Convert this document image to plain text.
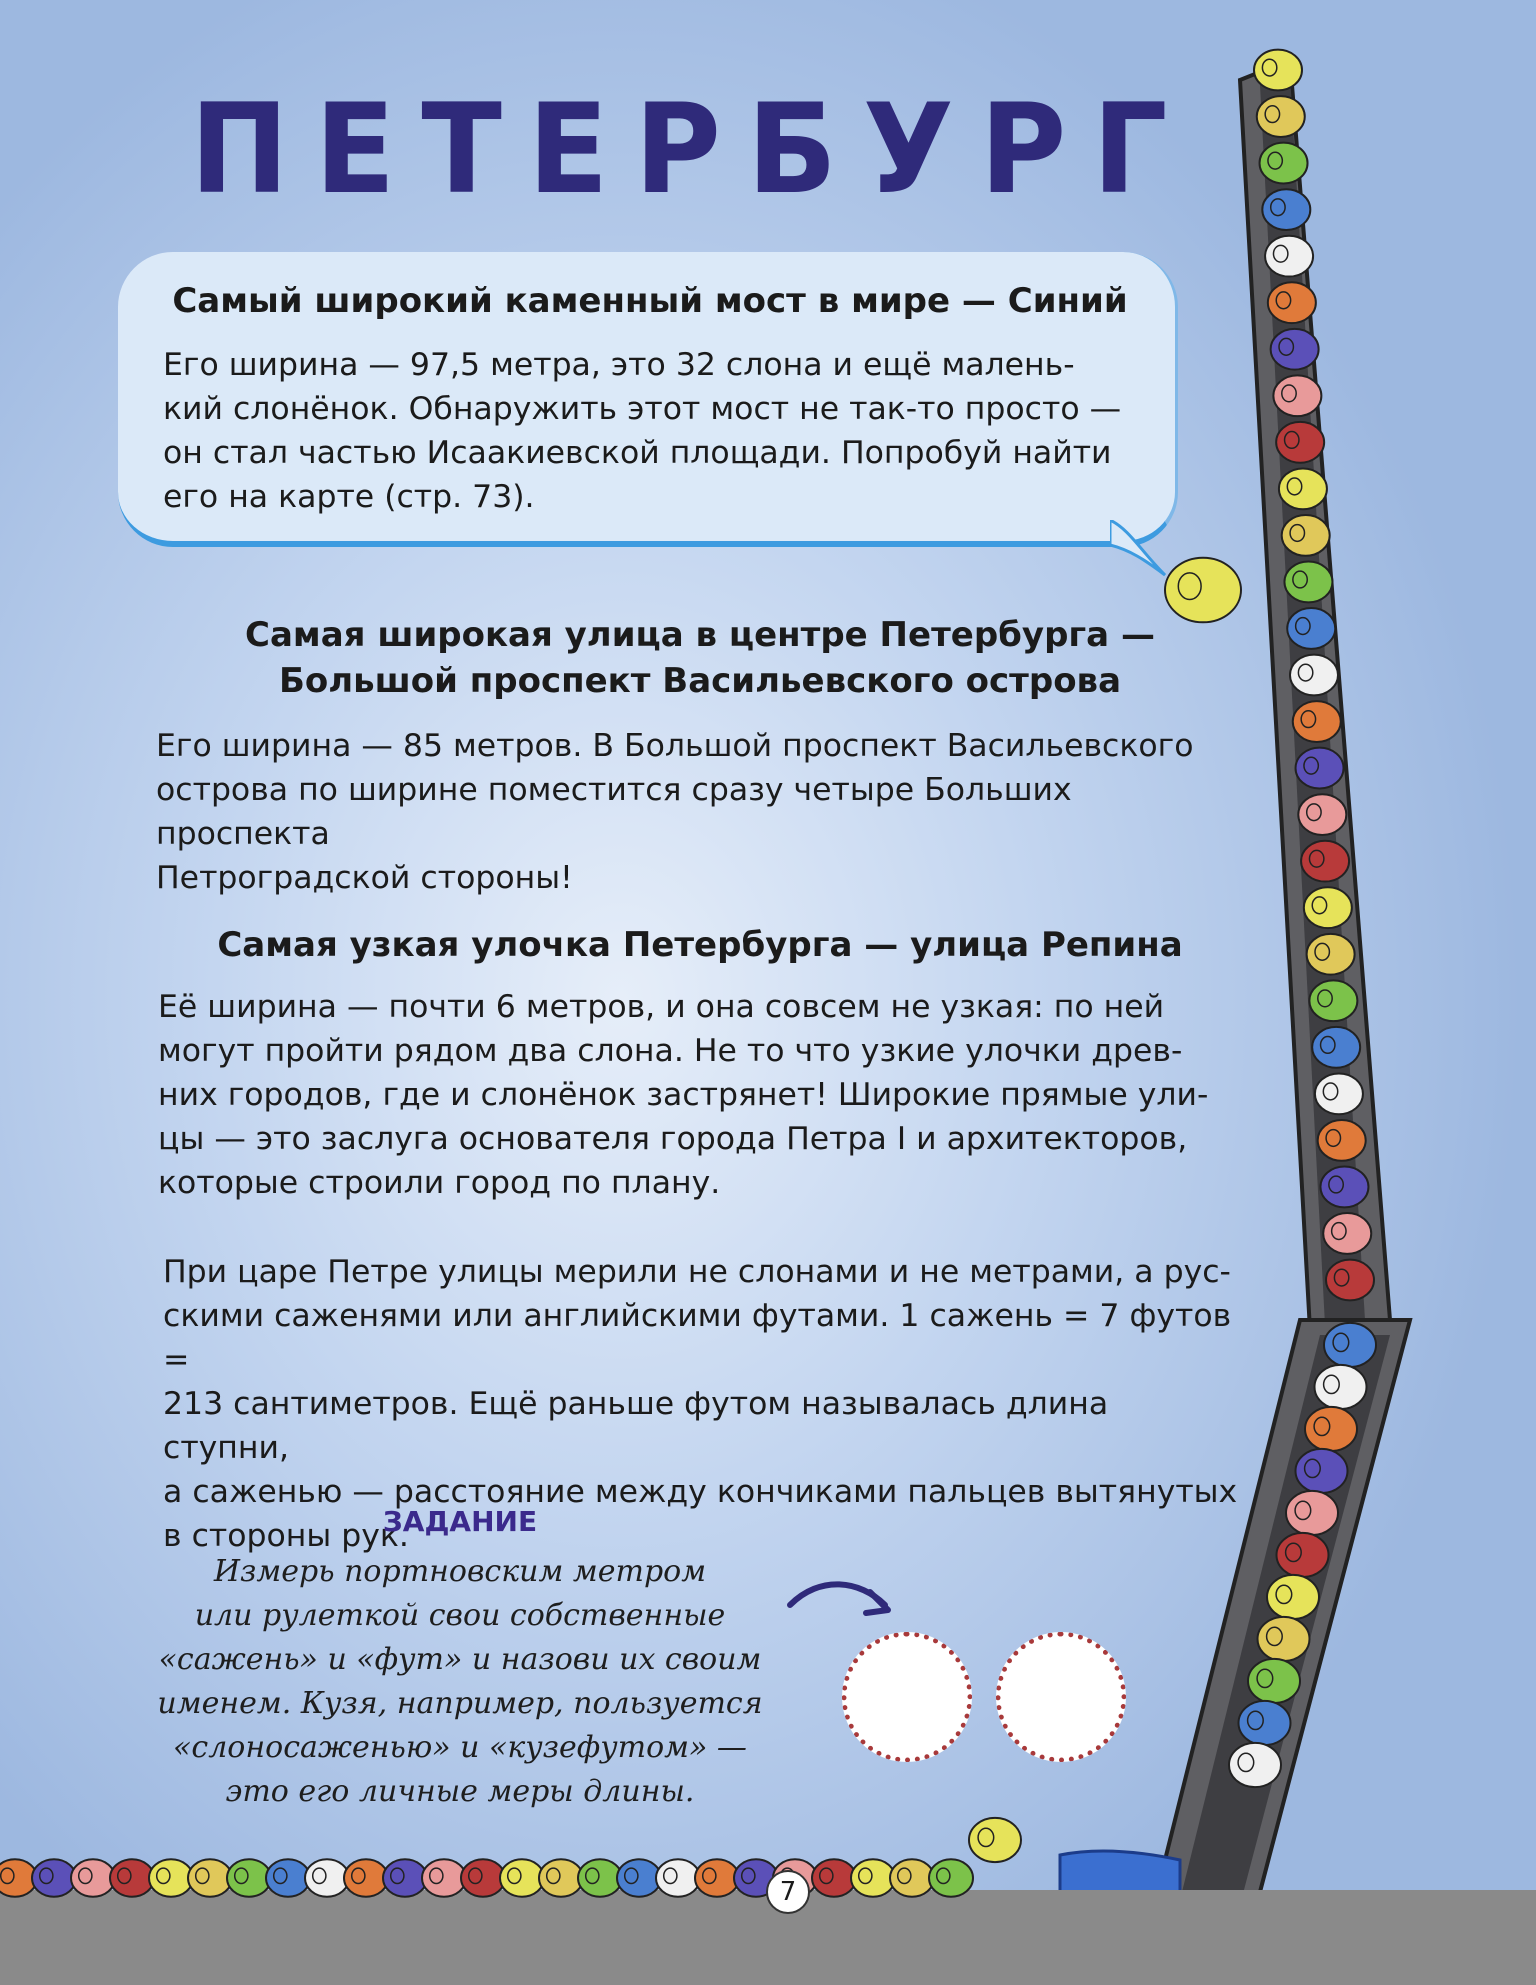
ПЕТЕРБУРГ
Самый широкий каменный мост в мире — Синий

Его ширина — 97,5 метра, это 32 слона и ещё малень-
кий слонёнок. Обнаружить этот мост не так-то просто —
он стал частью Исаакиевской площади. Попробуй найти
его на карте (стр. 73).

Самая широкая улица в центре Петербурга —
Большой проспект Васильевского острова

Его ширина — 85 метров. В Большой проспект Васильевского
острова по ширине поместится сразу четыре Больших проспекта
Петроградской стороны!

Самая узкая улочка Петербурга — улица Репина

Её ширина — почти 6 метров, и она совсем не узкая: по ней
могут пройти рядом два слона. Не то что узкие улочки древ-
них городов, где и слонёнок застрянет! Широкие прямые ули-
цы — это заслуга основателя города Петра I и архитекторов,
которые строили город по плану.

При царе Петре улицы мерили не слонами и не метрами, а рус-
скими саженями или английскими футами. 1 сажень = 7 футов =
213 сантиметров. Ещё раньше футом называлась длина ступни,
а саженью — расстояние между кончиками пальцев вытянутых
в стороны рук.

ЗАДАНИЕ

Измерь портновским метром
или рулеткой свои собственные
«сажень» и «фут» и назови их своим
именем. Кузя, например, пользуется
«слоносаженью» и «кузефутом» —
это его личные меры длины.

7
